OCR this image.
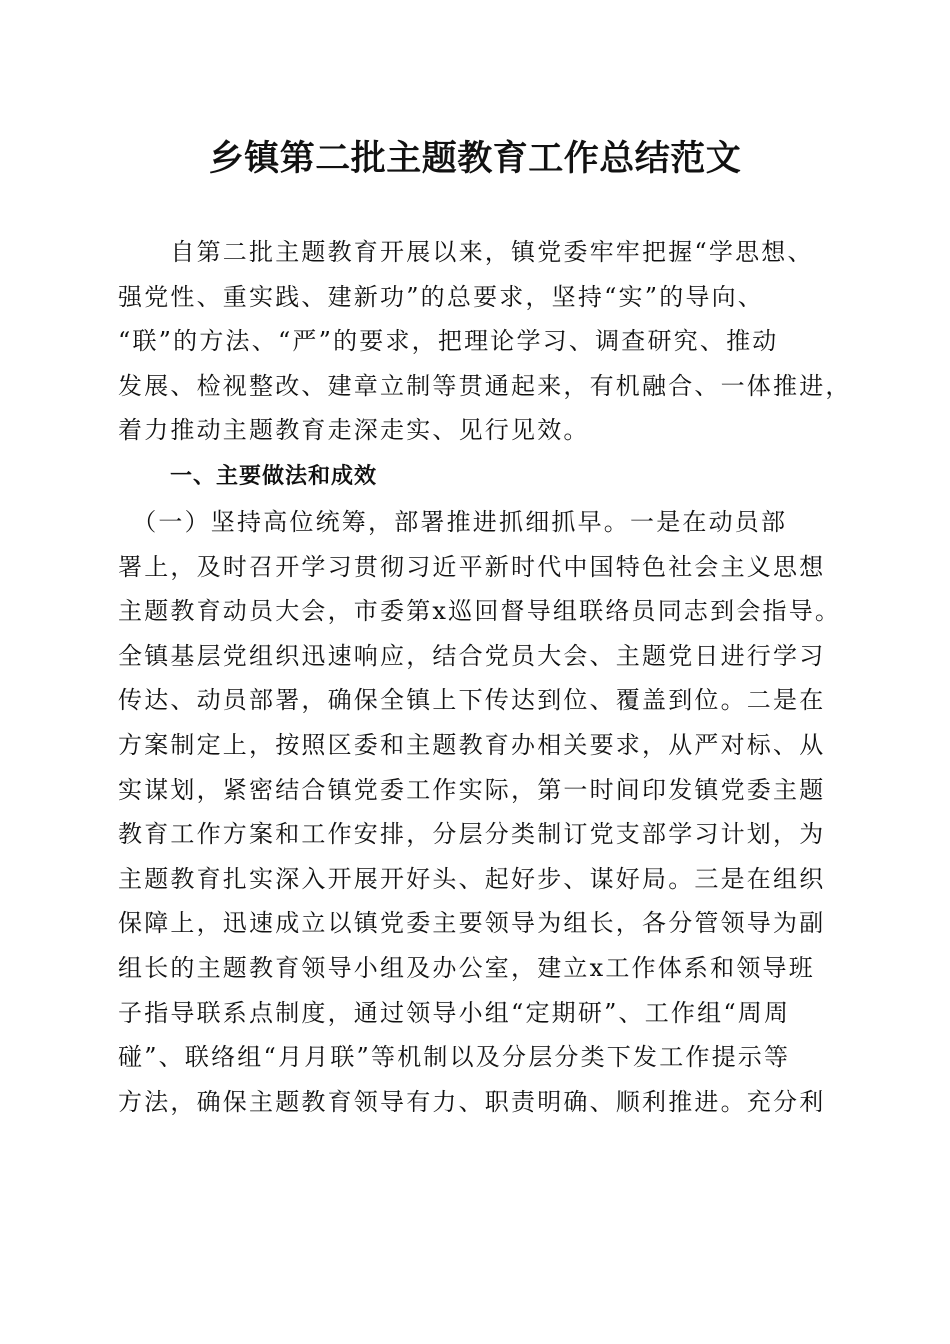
乡镇第二批主题教育工作总结范文
　　自第二批主题教育开展以来，镇党委牢牢把握“学思想、
强党性、重实践、建新功”的总要求，坚持“实”的导向、
“联”的方法、“严”的要求，把理论学习、调查研究、推动
发展、检视整改、建章立制等贯通起来，有机融合、一体推进，
着力推动主题教育走深走实、见行见效。
一、主要做法和成效
　（一）坚持高位统筹，部署推进抓细抓早。一是在动员部
署上，及时召开学习贯彻习近平新时代中国特色社会主义思想
主题教育动员大会，市委第x巡回督导组联络员同志到会指导。
全镇基层党组织迅速响应，结合党员大会、主题党日进行学习
传达、动员部署，确保全镇上下传达到位、覆盖到位。二是在
方案制定上，按照区委和主题教育办相关要求，从严对标、从
实谋划，紧密结合镇党委工作实际，第一时间印发镇党委主题
教育工作方案和工作安排，分层分类制订党支部学习计划，为
主题教育扎实深入开展开好头、起好步、谋好局。三是在组织
保障上，迅速成立以镇党委主要领导为组长，各分管领导为副
组长的主题教育领导小组及办公室，建立x工作体系和领导班
子指导联系点制度，通过领导小组“定期研”、工作组“周周
碰”、联络组“月月联”等机制以及分层分类下发工作提示等
方法，确保主题教育领导有力、职责明确、顺利推进。充分利
